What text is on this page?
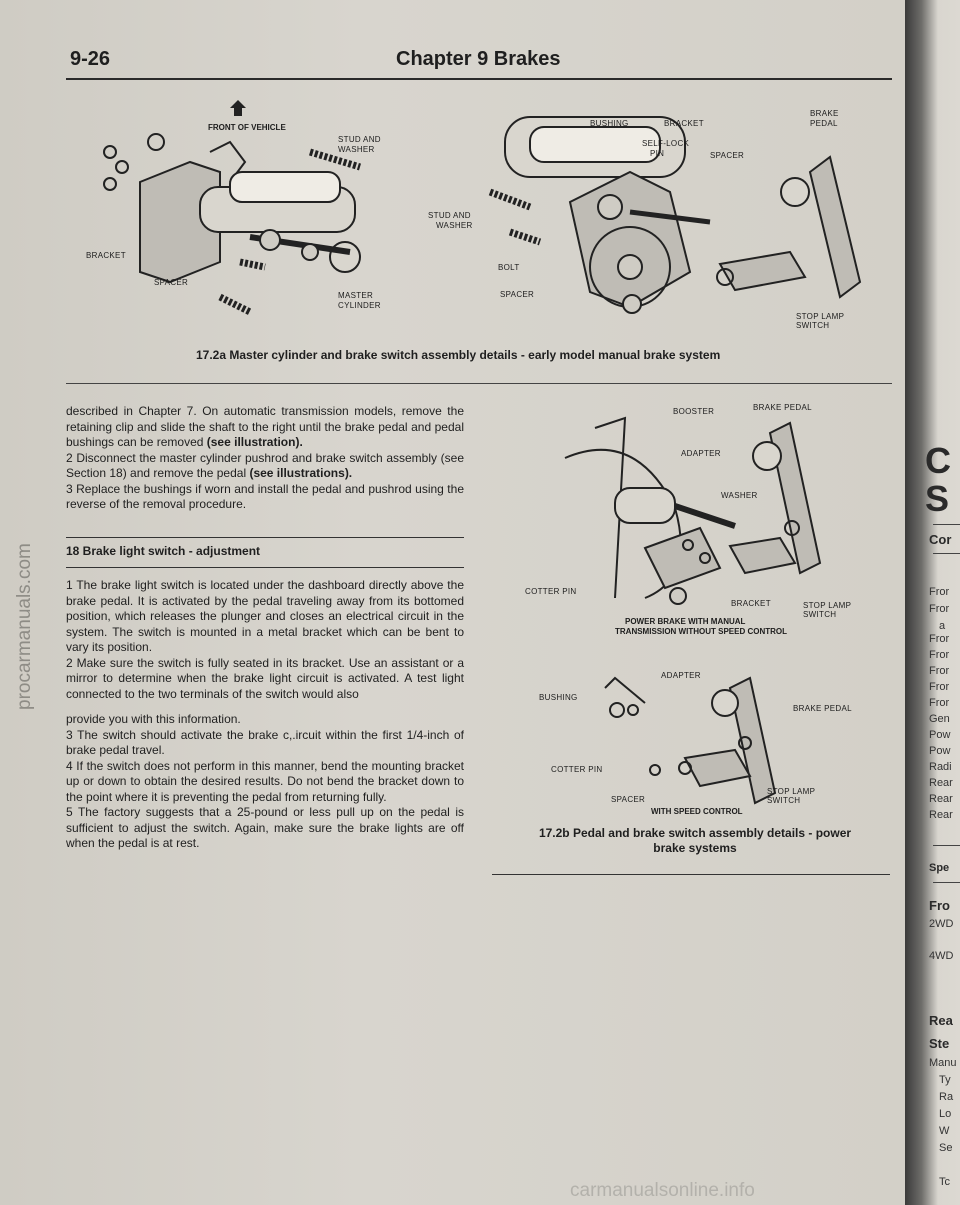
9-26	Chapter 9 Brakes
FRONT OF VEHICLE
STUD AND
WASHER
BRACKET
SPACER
MASTER
CYLINDER
BUSHING	BRACKET
BRAKE
PEDAL
SELF-LOCK
PIN	SPACER
STUD AND
WASHER
BOLT
SPACER
STOP LAMP
SWITCH
17.2a Master cylinder and brake switch assembly details - early model manual brake system

described in Chapter 7. On automatic transmission models, remove the retaining clip and slide the shaft to the right until the brake pedal and pedal bushings can be removed (see illustration).

2 Disconnect the master cylinder pushrod and brake switch assembly (see Section 18) and remove the pedal (see illustrations).

3 Replace the bushings if worn and install the pedal and pushrod using the reverse of the removal procedure.

18 Brake light switch - adjustment

1 The brake light switch is located under the dashboard directly above the brake pedal. It is activated by the pedal traveling away from its bottomed position, which releases the plunger and closes an electrical circuit in the system. The switch is mounted in a metal bracket which can be bent to vary its position.

2 Make sure the switch is fully seated in its bracket. Use an assistant or a mirror to determine when the brake light circuit is activated. A test light connected to the two terminals of the switch would also

provide you with this information.

3 The switch should activate the brake c,.ircuit within the first 1/4-inch of brake pedal travel.

4 If the switch does not perform in this manner, bend the mounting bracket up or down to obtain the desired results. Do not bend the bracket down to the point where it is preventing the pedal from returning fully.

5 The factory suggests that a 25-pound or less pull up on the pedal is sufficient to adjust the switch. Again, make sure the brake lights are off when the pedal is at rest.

BOOSTER	BRAKE PEDAL
ADAPTER
WASHER
COTTER PIN
BRACKET	STOP LAMP
SWITCH
POWER BRAKE WITH MANUAL
TRANSMISSION WITHOUT SPEED CONTROL
ADAPTER
BUSHING
BRAKE PEDAL
COTTER PIN
SPACER
STOP LAMP
SWITCH
WITH SPEED CONTROL
17.2b Pedal and brake switch assembly details - power
brake systems
procarmanuals.com
carmanualsonline.info
C
S
Cor
Fror
Fror
a
Fror
Fror
Fror
Fror
Fror
Gen
Pow
Pow
Radi
Rear
Rear
Rear
Spe
Fro
2WD
4WD
Rea
Ste
Manu
Ty
Ra
Lo
W
Se
Tc
